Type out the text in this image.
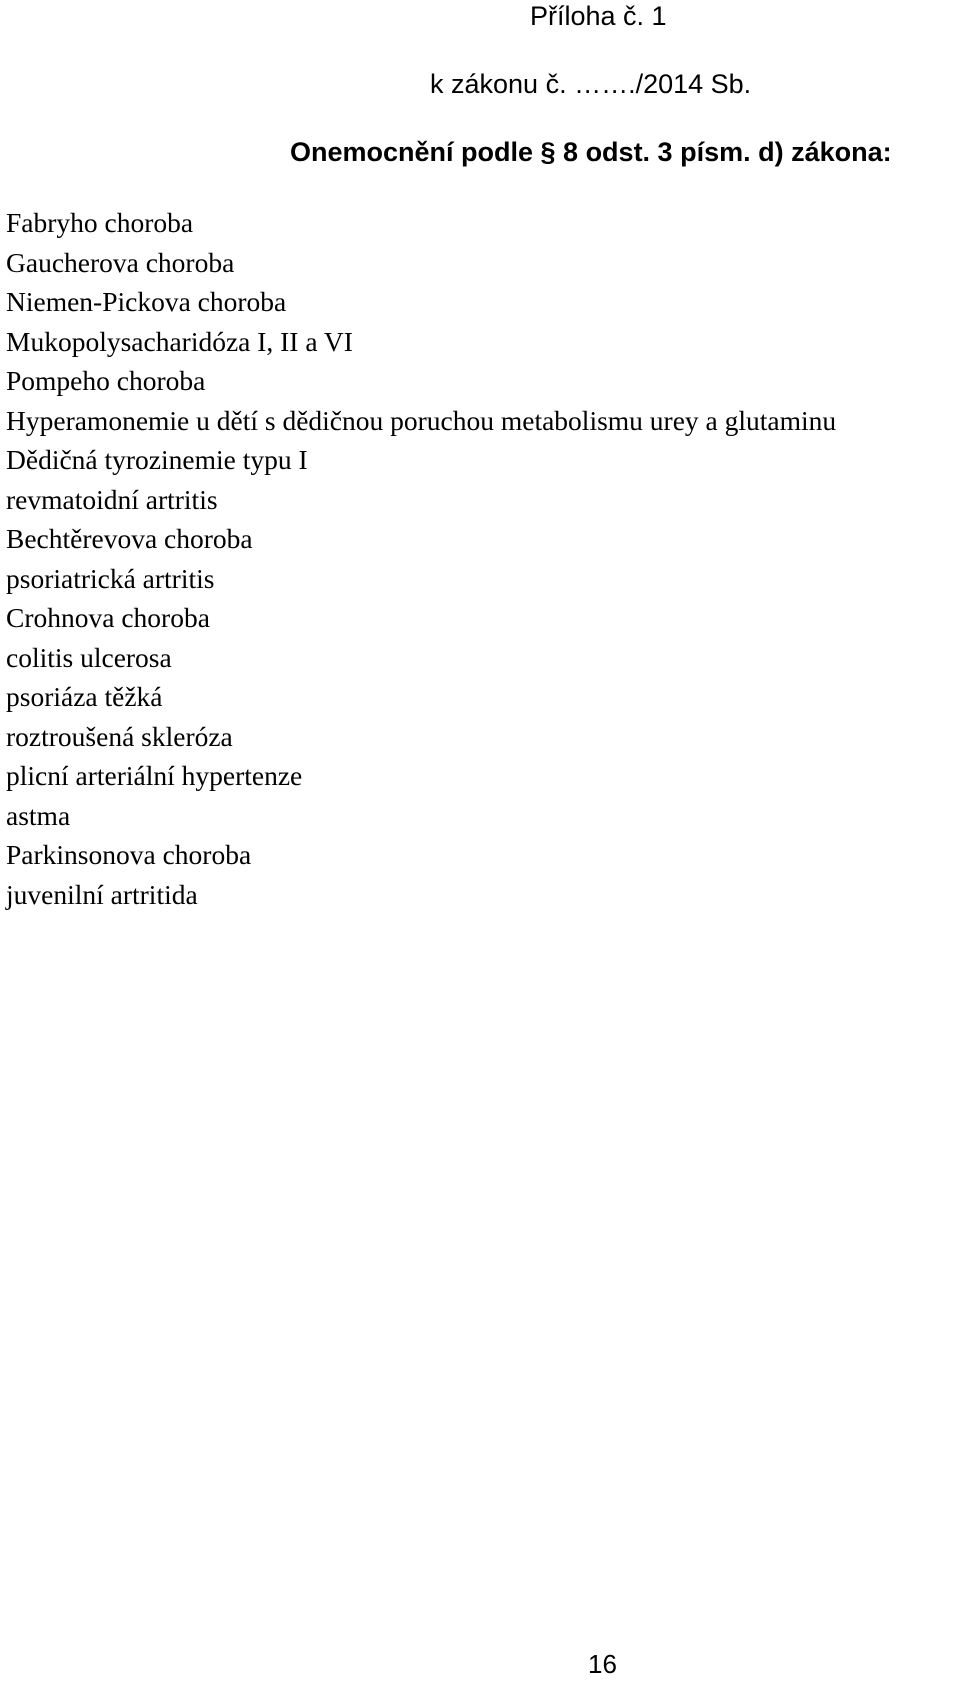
Příloha č. 1
k zákonu č. ……./2014 Sb.
Onemocnění podle § 8 odst. 3 písm. d) zákona:
Fabryho choroba
Gaucherova choroba
Niemen-Pickova choroba
Mukopolysacharidóza I, II a VI
Pompeho choroba
Hyperamonemie u dětí s dědičnou poruchou metabolismu urey a glutaminu
Dědičná tyrozinemie typu I
revmatoidní artritis
Bechtěrevova choroba
psoriatrická artritis
Crohnova choroba
colitis ulcerosa
psoriáza těžká
roztroušená skleróza
plicní arteriální hypertenze
astma
Parkinsonova choroba
juvenilní artritida
16
